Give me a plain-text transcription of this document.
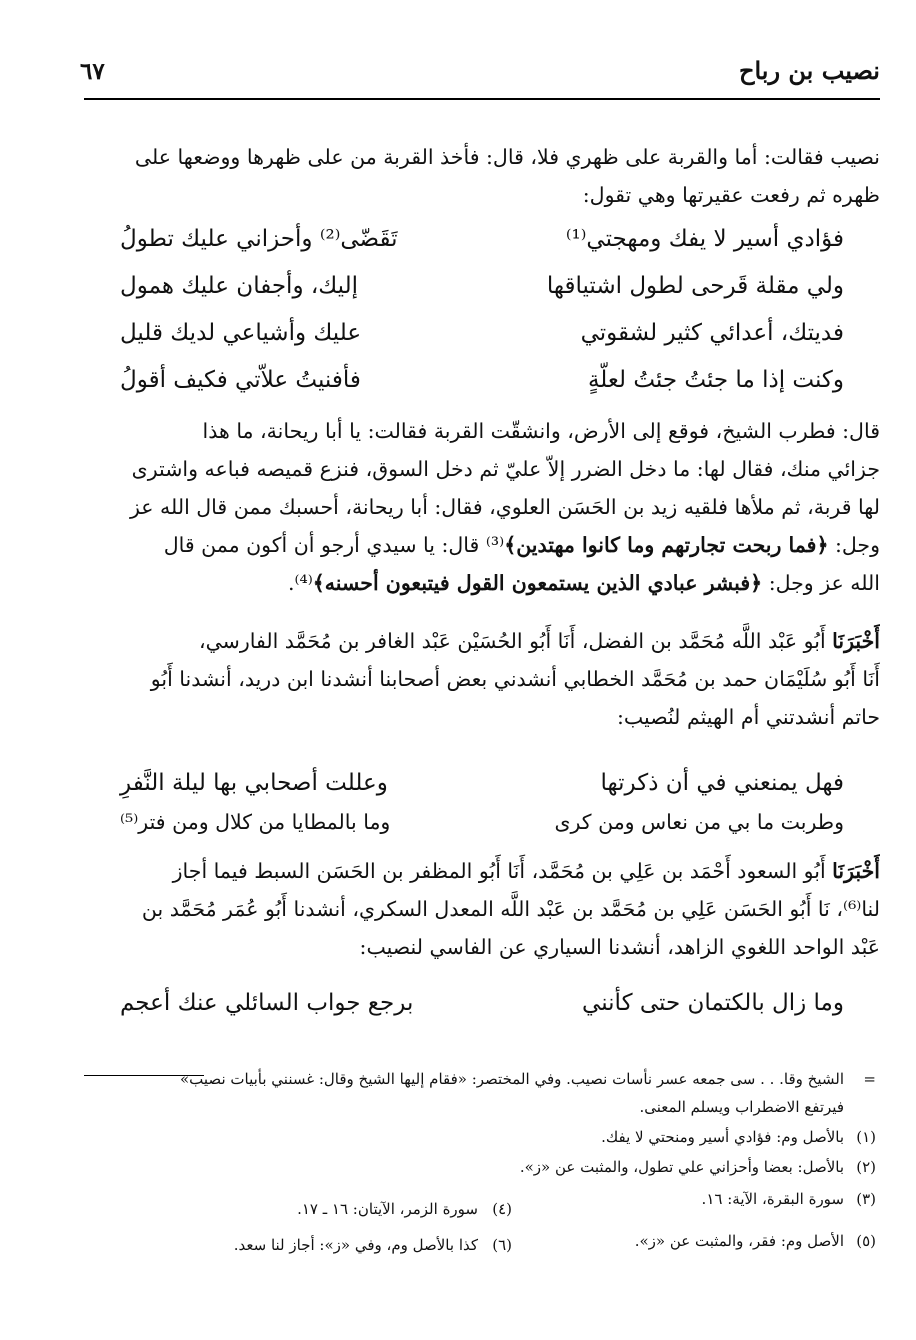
نصيب بن رباح
٦٧
نصيب فقالت: أما والقربة على ظهري فلا، قال: فأخذ القربة من على ظهرها ووضعها على
ظهره ثم رفعت عقيرتها وهي تقول:
فؤادي أسير لا يفك ومهجتي⁽¹⁾
تَقَضّى⁽²⁾ وأحزاني عليك تطولُ
ولي مقلة قَرحى لطول اشتياقها
إليك، وأجفان عليك همول
فديتك، أعدائي كثير لشقوتي
عليك وأشياعي لديك قليل
وكنت إذا ما جئتُ جئتُ لعلّةٍ
فأفنيتُ علاّتي فكيف أقولُ
قال: فطرب الشيخ، فوقع إلى الأرض، وانشقّت القربة فقالت: يا أبا ريحانة، ما هذا
جزائي منك، فقال لها: ما دخل الضرر إلاّ عليّ ثم دخل السوق، فنزع قميصه فباعه واشترى
لها قربة، ثم ملأها فلقيه زيد بن الحَسَن العلوي، فقال: أبا ريحانة، أحسبك ممن قال الله عز
وجل: ﴿فما ربحت تجارتهم وما كانوا مهتدين﴾⁽³⁾ قال: يا سيدي أرجو أن أكون ممن قال
الله عز وجل: ﴿فبشر عبادي الذين يستمعون القول فيتبعون أحسنه﴾⁽⁴⁾.
أَخْبَرَنَا أَبُو عَبْد اللَّه مُحَمَّد بن الفضل، أَنَا أَبُو الحُسَيْن عَبْد الغافر بن مُحَمَّد الفارسي،
أَنَا أَبُو سُلَيْمَان حمد بن مُحَمَّد الخطابي أنشدني بعض أصحابنا أنشدنا ابن دريد، أنشدنا أَبُو
حاتم أنشدتني أم الهيثم لنُصيب:
فهل يمنعني في أن ذكرتها
وعللت أصحابي بها ليلة النَّفرِ
وطربت ما بي من نعاس ومن كرى
وما بالمطايا من كلال ومن فتر⁽⁵⁾
أَخْبَرَنَا أَبُو السعود أَحْمَد بن عَلِي بن مُحَمَّد، أَنَا أَبُو المظفر بن الحَسَن السبط فيما أجاز
لنا⁽⁶⁾، نَا أَبُو الحَسَن عَلِي بن مُحَمَّد بن عَبْد اللَّه المعدل السكري، أنشدنا أَبُو عُمَر مُحَمَّد بن
عَبْد الواحد اللغوي الزاهد، أنشدنا السياري عن الفاسي لنصيب:
وما زال بالكتمان حتى كأنني
برجع جواب السائلي عنك أعجم
=
الشيخ وقا. . . سى جمعه عسر نأسات نصيب. وفي المختصر: «فقام إليها الشيخ وقال: غسنني بأبيات نصيب»
فيرتفع الاضطراب ويسلم المعنى.
(١)
بالأصل وم: فؤادي أسير ومنحتي لا يفك.
(٢)
بالأصل: بعضا وأحزاني علي تطول، والمثبت عن «ز».
(٣)
سورة البقرة، الآية: ١٦.
(٤)
سورة الزمر، الآيتان: ١٦ ـ ١٧.
(٥)
الأصل وم: فقر، والمثبت عن «ز».
(٦)
كذا بالأصل وم، وفي «ز»: أجاز لنا سعد.
